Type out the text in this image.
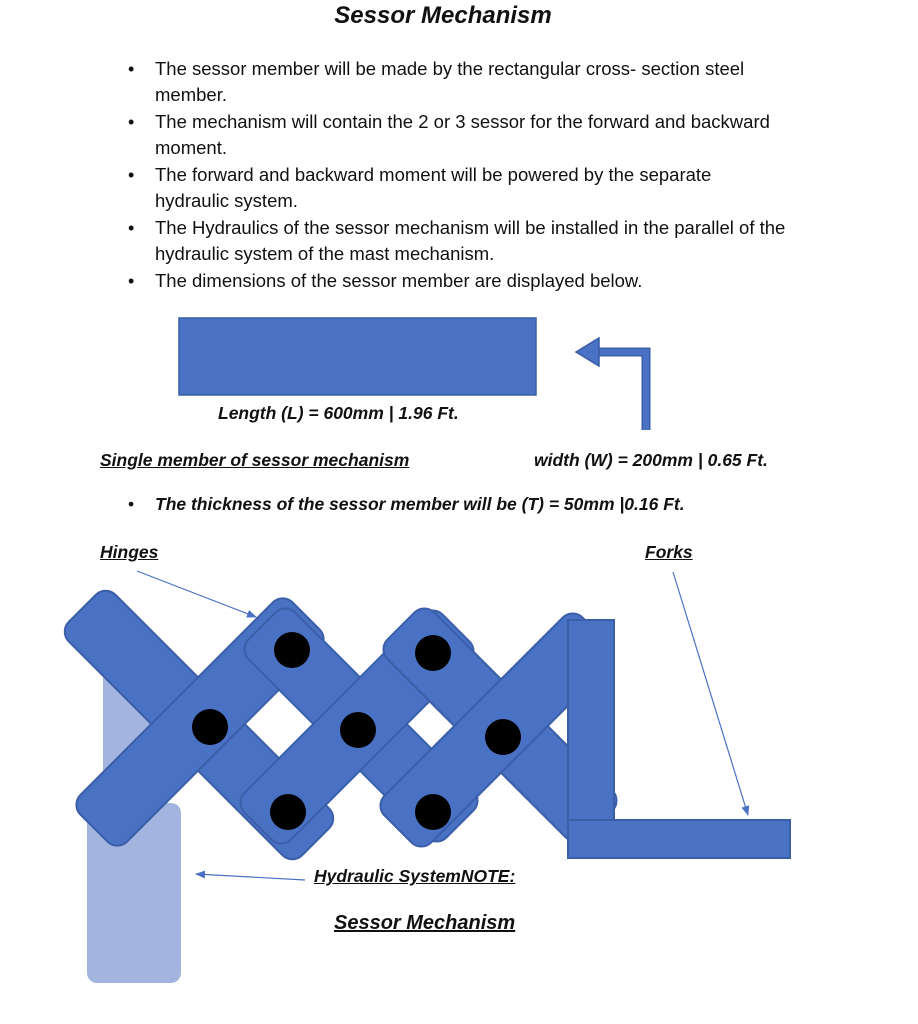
Sessor Mechanism
• The sessor member will be made by the rectangular cross- section steel member.
• The mechanism will contain the 2 or 3 sessor for the forward and backward moment.
• The forward and backward moment will be powered by the separate hydraulic system.
• The Hydraulics of the sessor mechanism will be installed in the parallel of the hydraulic system of the mast mechanism.
• The dimensions of the sessor member are displayed below.
Length (L) = 600mm | 1.96 Ft.
Single member of sessor mechanism	width (W) = 200mm | 0.65 Ft.
• The thickness of the sessor member will be (T) = 50mm |0.16 Ft.
Hinges	Forks
Hydraulic SystemNOTE:
Sessor Mechanism
